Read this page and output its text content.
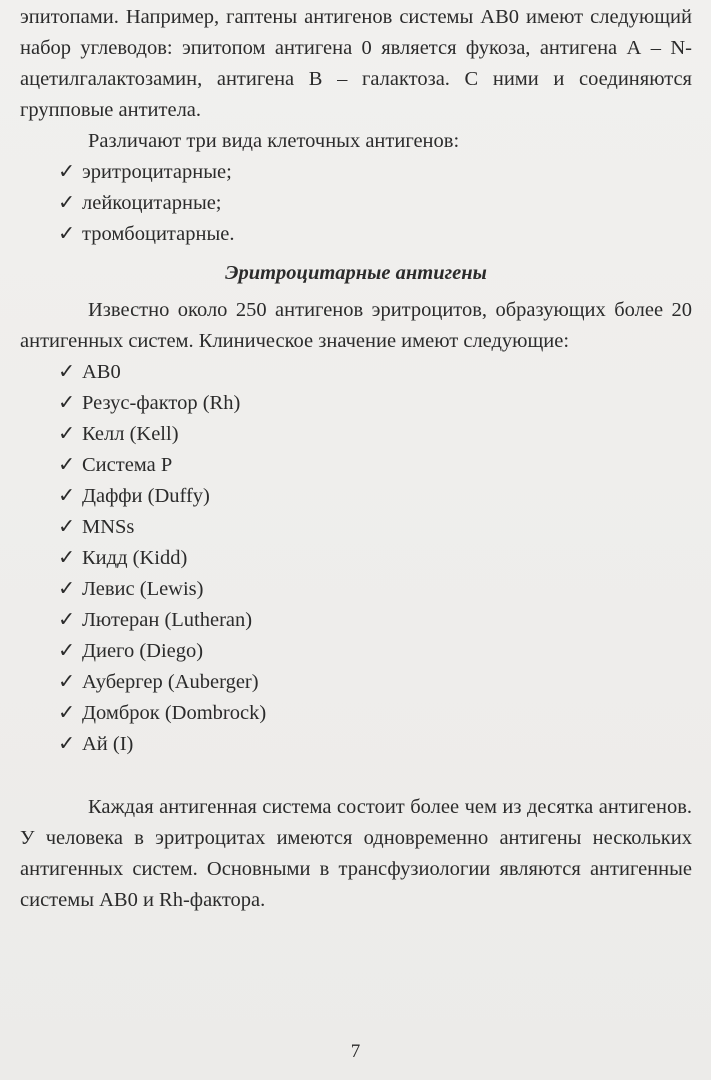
эпитопами. Например, гаптены антигенов системы АВ0 имеют следующий набор углеводов: эпитопом антигена 0 является фукоза, антигена А – N-ацетилгалактозамин, антигена В – галактоза. С ними и соединяются групповые антитела.

Различают три вида клеточных антигенов:

✓ эритроцитарные;
✓ лейкоцитарные;
✓ тромбоцитарные.
Эритроцитарные антигены

Известно около 250 антигенов эритроцитов, образующих более 20 антигенных систем. Клиническое значение имеют следующие:

✓ АВ0
✓ Резус-фактор (Rh)
✓ Келл (Kell)
✓ Система Р
✓ Даффи (Duffy)
✓ MNSs
✓ Кидд (Kidd)
✓ Левис (Lewis)
✓ Лютеран (Lutheran)
✓ Диего (Diego)
✓ Аубергер (Auberger)
✓ Домброк (Dombrock)
✓ Ай (I)

Каждая антигенная система состоит более чем из десятка антигенов. У человека в эритроцитах имеются одновременно антигены нескольких антигенных систем. Основными в трансфузиологии являются антигенные системы АВ0 и Rh-фактора.

7
